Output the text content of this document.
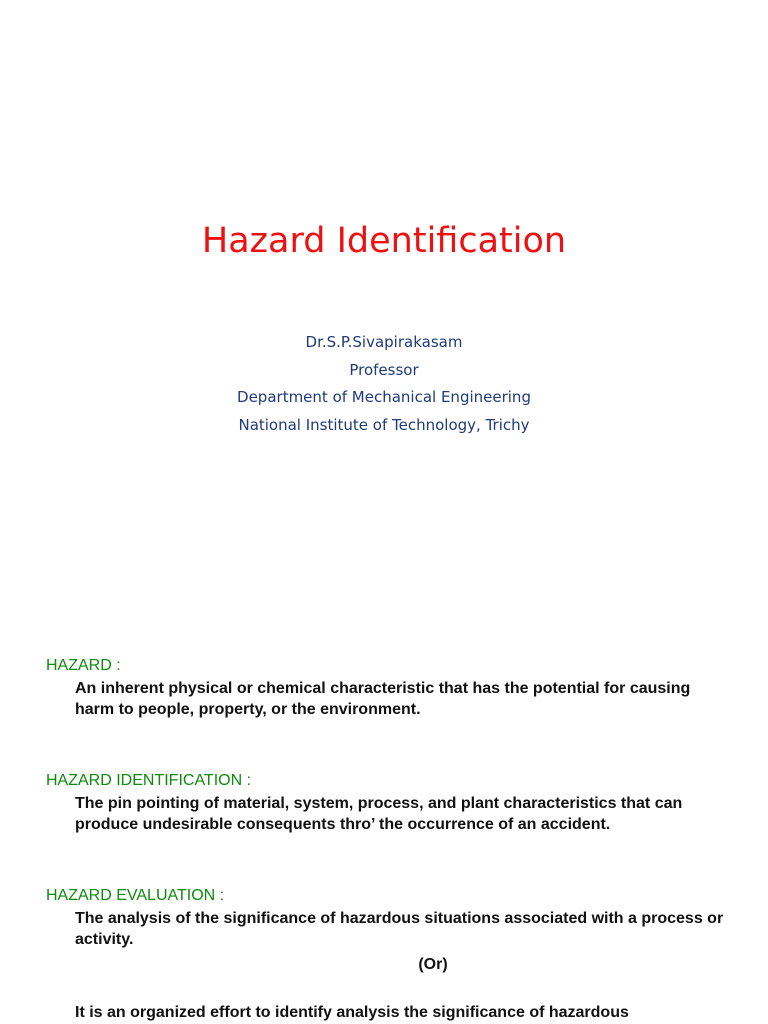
Hazard Identification
Dr.S.P.Sivapirakasam
Professor
Department of Mechanical Engineering
National Institute of Technology, Trichy
HAZARD :
An inherent physical or chemical characteristic that has the potential for causing harm to people, property, or the environment.
HAZARD IDENTIFICATION :
The pin pointing of material, system, process, and plant characteristics that can produce undesirable consequents thro’ the occurrence of an accident.
HAZARD EVALUATION :
The analysis of the significance of hazardous situations associated with a process or activity.
(Or)
It is an organized effort to identify analysis the significance of hazardous
